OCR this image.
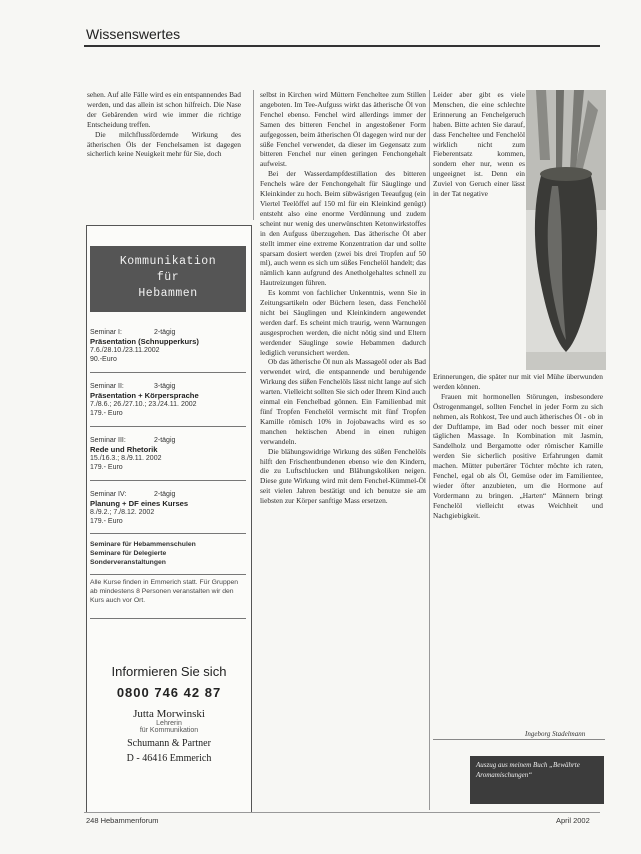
Wissenswertes

sehen. Auf alle Fälle wird es ein entspannendes Bad werden, und das allein ist schon hilfreich. Die Nase der Gebärenden wird wie immer die richtige Entscheidung treffen.

Die milchflussfördernde Wirkung des ätherischen Öls der Fenchelsamen ist dagegen sicherlich keine Neuigkeit mehr für Sie, doch

Kommunikation
für
Hebammen
Seminar I:	2-tägig
Präsentation (Schnupperkurs)
7.6./28.10./23.11.2002
90.-Euro
Seminar II:	3-tägig
Präsentation + Körpersprache
7./8.6.; 26./27.10.; 23./24.11. 2002
179.- Euro
Seminar III:	2-tägig
Rede und Rhetorik
15./16.3.; 8./9.11. 2002
179.- Euro
Seminar IV:	2-tägig
Planung + DF eines Kurses
8./9.2.; 7./8.12. 2002
179.- Euro
Seminare für Hebammenschulen
Seminare für Delegierte
Sonderveranstaltungen
Alle Kurse finden in Emmerich statt. Für Gruppen ab mindestens 8 Personen veranstalten wir den Kurs auch vor Ort.
Informieren Sie sich
0800 746 42 87
Jutta Morwinski
Lehrerin
für Kommunikation
Schumann & Partner
D - 46416 Emmerich

selbst in Kirchen wird Müttern Fencheltee zum Stillen angeboten. Im Tee-Aufguss wirkt das ätherische Öl von Fenchel ebenso. Fenchel wird allerdings immer der Samen des bitteren Fenchel in angestoßener Form aufgegossen, beim ätherischen Öl dagegen wird nur der süße Fenchel verwendet, da dieser im Gegensatz zum bitteren Fenchel nur einen geringen Fenchongehalt aufweist.

Bei der Wasserdampfdestillation des bitteren Fenchels wäre der Fenchongehalt für Säuglinge und Kleinkinder zu hoch. Beim sübwäsrigen Teeaufgug (ein Viertel Teelöffel auf 150 ml für ein Kleinkind genügt) entsteht also eine enorme Verdünnung und zudem scheint nur wenig des unerwünschten Ketonwirkstoffes in den Aufguss überzugehen. Das ätherische Öl aber stellt immer eine extreme Konzentration dar und sollte sparsam dosiert werden (zwei bis drei Tropfen auf 50 ml), auch wenn es sich um süßes Fenchelöl handelt; das nämlich kann aufgrund des Anetholgehaltes schnell zu Hautreizungen führen.

Es kommt von fachlicher Unkenntnis, wenn Sie in Zeitungsartikeln oder Büchern lesen, dass Fenchelöl nicht bei Säuglingen und Kleinkindern angewendet werden darf. Es scheint mich traurig, wenn Warnungen ausgesprochen werden, die nicht nötig sind und Eltern werdender Säuglinge sowie Hebammen dadurch lediglich verunsichert werden.

Ob das ätherische Öl nun als Massageöl oder als Bad verwendet wird, die entspannende und beruhigende Wirkung des süßen Fenchelöls lässt nicht lange auf sich warten. Vielleicht sollten Sie sich oder Ihrem Kind auch einmal ein Fenchelbad gönnen. Ein Familienbad mit fünf Tropfen Fenchelöl vermischt mit fünf Tropfen Kamille römisch 10% in Jojobawachs wird es so manchen hektischen Abend in einen ruhigen verwandeln.

Die blähungswidrige Wirkung des süßen Fenchelöls hilft den Frischentbundenen ebenso wie den Kindern, die zu Luftschlucken und Blähungskoliken neigen. Diese gute Wirkung wird mit dem Fenchel-Kümmel-Öl seit vielen Jahren bestätigt und ich benutze sie am liebsten zur Körper sanftige Mass ersetzen.

Leider aber gibt es viele Menschen, die eine schlechte Erinnerung an Fenchelgeruch haben. Bitte achten Sie darauf, dass Fencheltee und Fenchelöl wirklich nicht zum Fieberentsatz kommen, sondern eher nur, wenn es ungeeignet ist. Denn ein Zuviel von Geruch einer lässt in der Tat negative

Erinnerungen, die später nur mit viel Mühe überwunden werden können.

Frauen mit hormonellen Störungen, insbesondere Östrogenmangel, sollten Fenchel in jeder Form zu sich nehmen, als Rohkost, Tee und auch ätherisches Öl - ob in der Duftlampe, im Bad oder noch besser mit einer täglichen Massage. In Kombination mit Jasmin, Sandelholz und Bergamotte oder römischer Kamille werden Sie sicherlich positive Erfahrungen damit machen. Mütter pubertärer Töchter möchte ich raten, Fenchel, egal ob als Öl, Gemüse oder im Familientee, wieder öfter anzubieten, um die Hormone auf Vordermann zu bringen. „Harten“ Männern bringt Fenchelöl vielleicht etwas Weichheit und Nachgiebigkeit.

Ingeborg Stadelmann
Auszug aus meinem Buch „Bewährte Aromamischungen“
248 Hebammenforum	April 2002
